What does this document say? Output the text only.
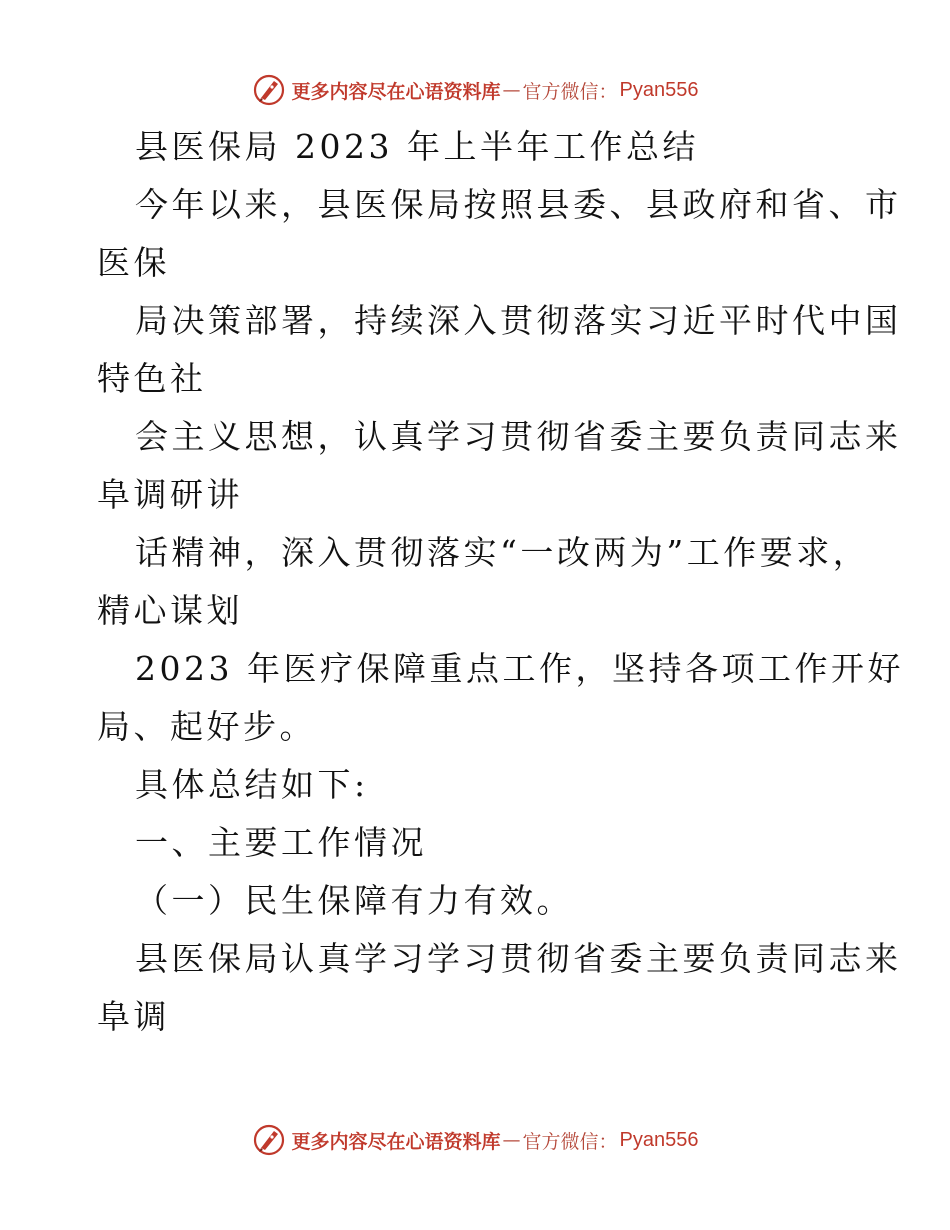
更多内容尽在心语资料库 — 官方微信： Pyan556
县医保局 2023 年上半年工作总结
今年以来，县医保局按照县委、县政府和省、市
医保
局决策部署，持续深入贯彻落实习近平时代中国
特色社
会主义思想，认真学习贯彻省委主要负责同志来
阜调研讲
话精神，深入贯彻落实“一改两为”工作要求，
精心谋划
2023 年医疗保障重点工作，坚持各项工作开好
局、起好步。
具体总结如下:
一、主要工作情况
（一）民生保障有力有效。
县医保局认真学习学习贯彻省委主要负责同志来
阜调
更多内容尽在心语资料库 — 官方微信： Pyan556
